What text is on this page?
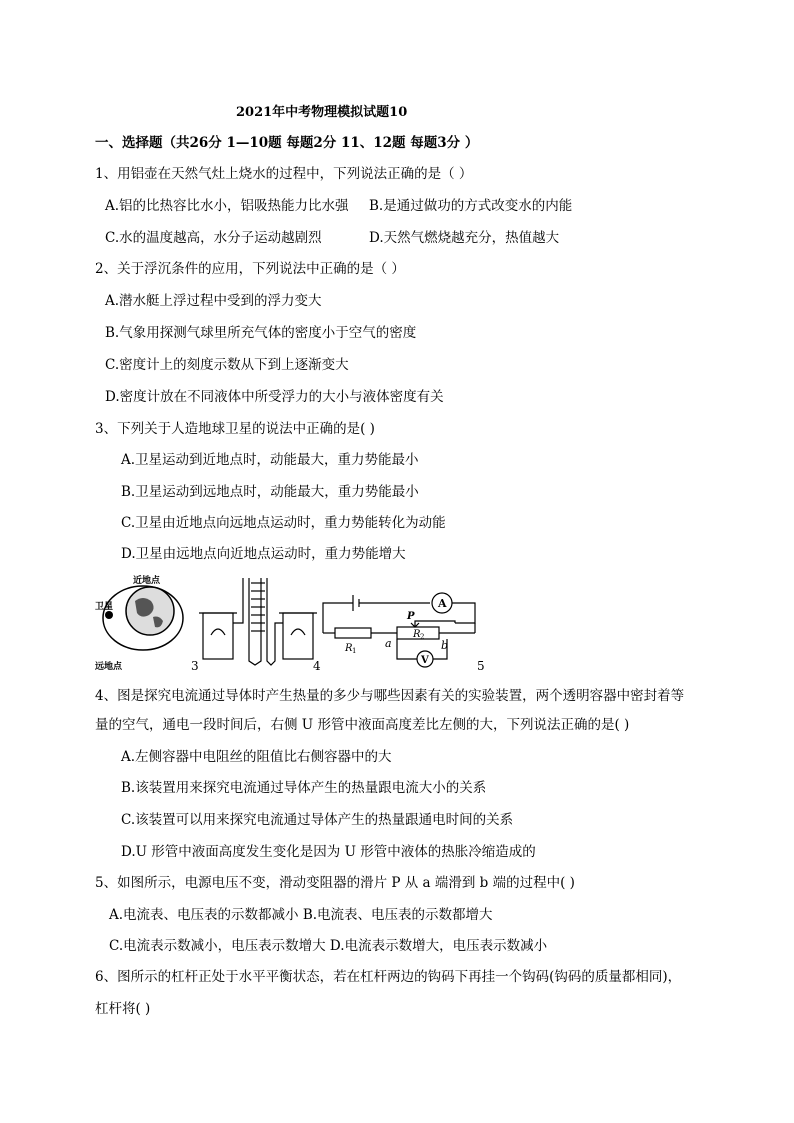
2021年中考物理模拟试题10
一、选择题（共26分 1—10题 每题2分 11、12题 每题3分 ）
1、用铝壶在天然气灶上烧水的过程中，下列说法正确的是（ ）
A.铝的比热容比水小，铝吸热能力比水强 B.是通过做功的方式改变水的内能
C.水的温度越高，水分子运动越剧烈	D.天然气燃烧越充分，热值越大
2、关于浮沉条件的应用，下列说法中正确的是（ ）
A.潜水艇上浮过程中受到的浮力变大
B.气象用探测气球里所充气体的密度小于空气的密度
C.密度计上的刻度示数从下到上逐渐变大
D.密度计放在不同液体中所受浮力的大小与液体密度有关
3、下列关于人造地球卫星的说法中正确的是( )
A.卫星运动到近地点时，动能最大，重力势能最小
B.卫星运动到远地点时，动能最大，重力势能最小
C.卫星由近地点向远地点运动时，重力势能转化为动能
D.卫星由远地点向近地点运动时，重力势能增大
近地点
卫星
远地点	3	4
A
V
R 1
R 2
P
a	b
5
4、图是探究电流通过导体时产生热量的多少与哪些因素有关的实验装置，两个透明容器中密封着等
量的空气，通电一段时间后，右侧 U 形管中液面高度差比左侧的大，下列说法正确的是( )
A.左侧容器中电阻丝的阻值比右侧容器中的大
B.该装置用来探究电流通过导体产生的热量跟电流大小的关系
C.该装置可以用来探究电流通过导体产生的热量跟通电时间的关系
D.U 形管中液面高度发生变化是因为 U 形管中液体的热胀冷缩造成的
5、如图所示，电源电压不变，滑动变阻器的滑片 P 从 a 端滑到 b 端的过程中( )
A.电流表、电压表的示数都减小 B.电流表、电压表的示数都增大
C.电流表示数减小，电压表示数增大 D.电流表示数增大，电压表示数减小
6、图所示的杠杆正处于水平平衡状态，若在杠杆两边的钩码下再挂一个钩码(钩码的质量都相同)，
杠杆将( )
